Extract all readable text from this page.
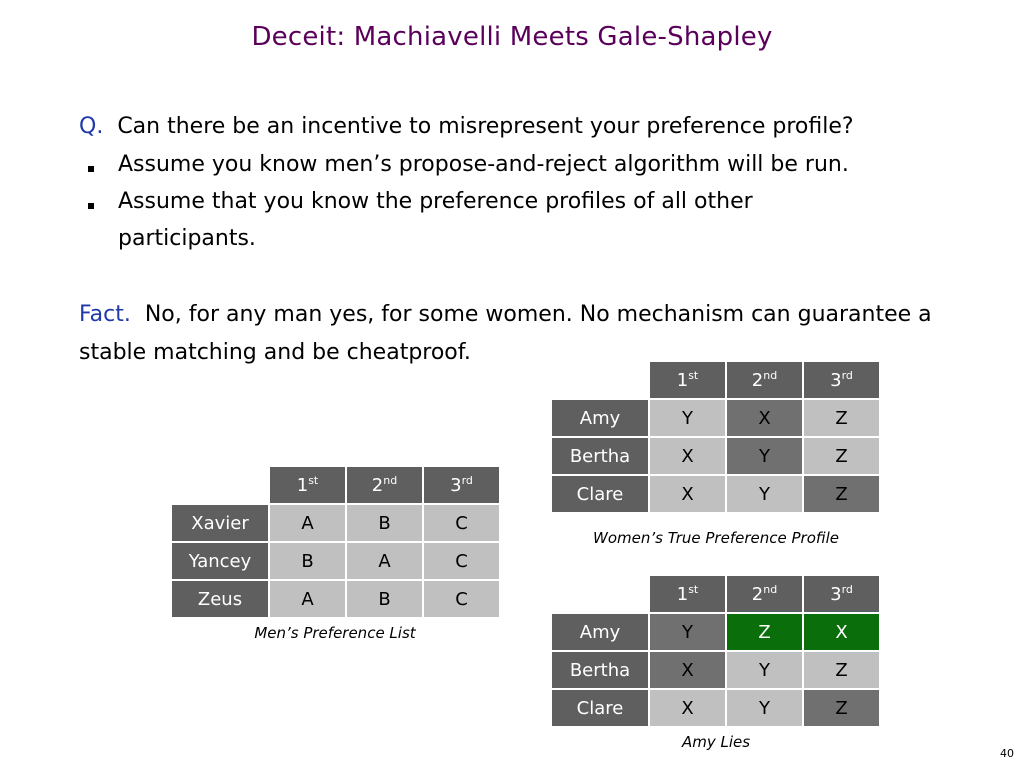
Deceit: Machiavelli Meets Gale-Shapley
Q. Can there be an incentive to misrepresent your preference profile?
Assume you know men’s propose-and-reject algorithm will be run.
Assume that you know the preference profiles of all other
participants.
Fact. No, for any man yes, for some women. No mechanism can guarantee a stable matching and be cheatproof.
	1st	2nd	3rd
Xavier	A	B	C
Yancey	B	A	C
Zeus	A	B	C
Men’s Preference List
	1st	2nd	3rd
Amy	Y	X	Z
Bertha	X	Y	Z
Clare	X	Y	Z
Women’s True Preference Profile
	1st	2nd	3rd
Amy	Y	Z	X
Bertha	X	Y	Z
Clare	X	Y	Z
Amy Lies
40
